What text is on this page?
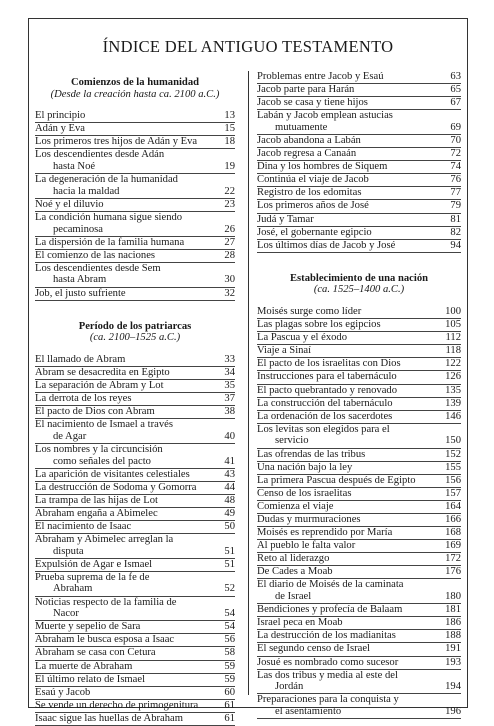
ÍNDICE DEL ANTIGUO TESTAMENTO
Comienzos de la humanidad
(Desde la creación hasta ca. 2100 a.C.)
El principio	13
Adán y Eva	15
Los primeros tres hijos de Adán y Eva	18
Los descendientes desde Adán
hasta Noé	19
La degeneración de la humanidad
hacia la maldad	22
Noé y el diluvio	23
La condición humana sigue siendo
pecaminosa	26
La dispersión de la familia humana	27
El comienzo de las naciones	28
Los descendientes desde Sem
hasta Abram	30
Job, el justo sufriente	32
Período de los patriarcas
(ca. 2100–1525 a.C.)
El llamado de Abram	33
Abram se desacredita en Egipto	34
La separación de Abram y Lot	35
La derrota de los reyes	37
El pacto de Dios con Abram	38
El nacimiento de Ismael a través
de Agar	40
Los nombres y la circuncisión
como señales del pacto	41
La aparición de visitantes celestiales	43
La destrucción de Sodoma y Gomorra	44
La trampa de las hijas de Lot	48
Abraham engaña a Abimelec	49
El nacimiento de Isaac	50
Abraham y Abimelec arreglan la
disputa	51
Expulsión de Agar e Ismael	51
Prueba suprema de la fe de
Abraham	52
Noticias respecto de la familia de
Nacor	54
Muerte y sepelio de Sara	54
Abraham le busca esposa a Isaac	56
Abraham se casa con Cetura	58
La muerte de Abraham	59
El último relato de Ismael	59
Esaú y Jacob	60
Se vende un derecho de primogenitura	61
Isaac sigue las huellas de Abraham	61
Problemas entre Jacob y Esaú	63
Jacob parte para Harán	65
Jacob se casa y tiene hijos	67
Labán y Jacob emplean astucias
mutuamente	69
Jacob abandona a Labán	70
Jacob regresa a Canaán	72
Dina y los hombres de Siquem	74
Continúa el viaje de Jacob	76
Registro de los edomitas	77
Los primeros años de José	79
Judá y Tamar	81
José, el gobernante egipcio	82
Los últimos días de Jacob y José	94
Establecimiento de una nación
(ca. 1525–1400 a.C.)
Moisés surge como líder	100
Las plagas sobre los egipcios	105
La Pascua y el éxodo	112
Viaje a Sinaí	118
El pacto de los israelitas con Dios	122
Instrucciones para el tabernáculo	126
El pacto quebrantado y renovado	135
La construcción del tabernáculo	139
La ordenación de los sacerdotes	146
Los levitas son elegidos para el
servicio	150
Las ofrendas de las tribus	152
Una nación bajo la ley	155
La primera Pascua después de Egipto	156
Censo de los israelitas	157
Comienza el viaje	164
Dudas y murmuraciones	166
Moisés es reprendido por María	168
Al pueblo le falta valor	169
Reto al liderazgo	172
De Cades a Moab	176
El diario de Moisés de la caminata
de Israel	180
Bendiciones y profecía de Balaam	181
Israel peca en Moab	186
La destrucción de los madianitas	188
El segundo censo de Israel	191
Josué es nombrado como sucesor	193
Las dos tribus y media al este del
Jordán	194
Preparaciones para la conquista y
el asentamiento	196
